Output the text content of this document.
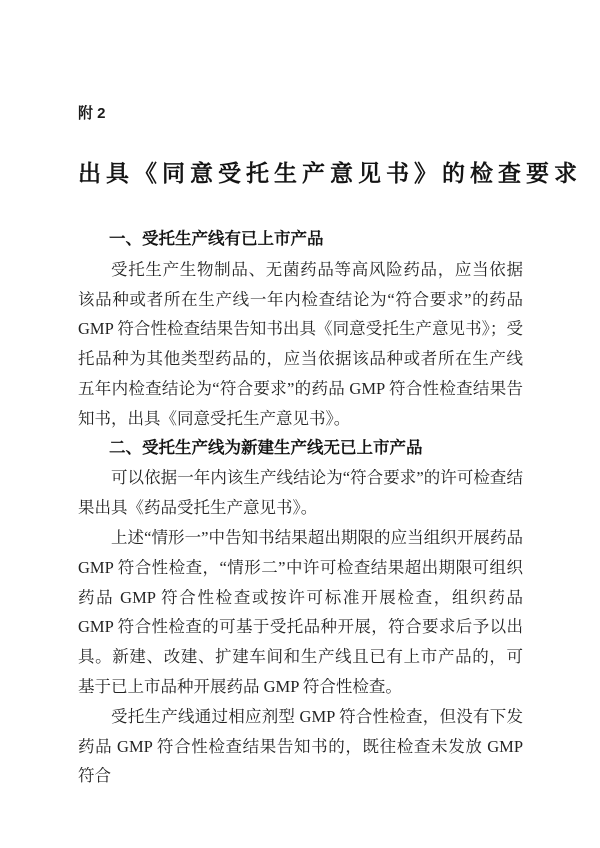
附 2
出具《同意受托生产意见书》的检查要求
一、受托生产线有已上市产品

受托生产生物制品、无菌药品等高风险药品，应当依据该品种或者所在生产线一年内检查结论为“符合要求”的药品 GMP 符合性检查结果告知书出具《同意受托生产意见书》；受托品种为其他类型药品的，应当依据该品种或者所在生产线五年内检查结论为“符合要求”的药品 GMP 符合性检查结果告知书，出具《同意受托生产意见书》。

二、受托生产线为新建生产线无已上市产品

可以依据一年内该生产线结论为“符合要求”的许可检查结果出具《药品受托生产意见书》。

上述“情形一”中告知书结果超出期限的应当组织开展药品 GMP 符合性检查，“情形二”中许可检查结果超出期限可组织药品 GMP 符合性检查或按许可标准开展检查，组织药品 GMP 符合性检查的可基于受托品种开展，符合要求后予以出具。新建、改建、扩建车间和生产线且已有上市产品的，可基于已上市品种开展药品 GMP 符合性检查。

受托生产线通过相应剂型 GMP 符合性检查，但没有下发药品 GMP 符合性检查结果告知书的，既往检查未发放 GMP 符合
